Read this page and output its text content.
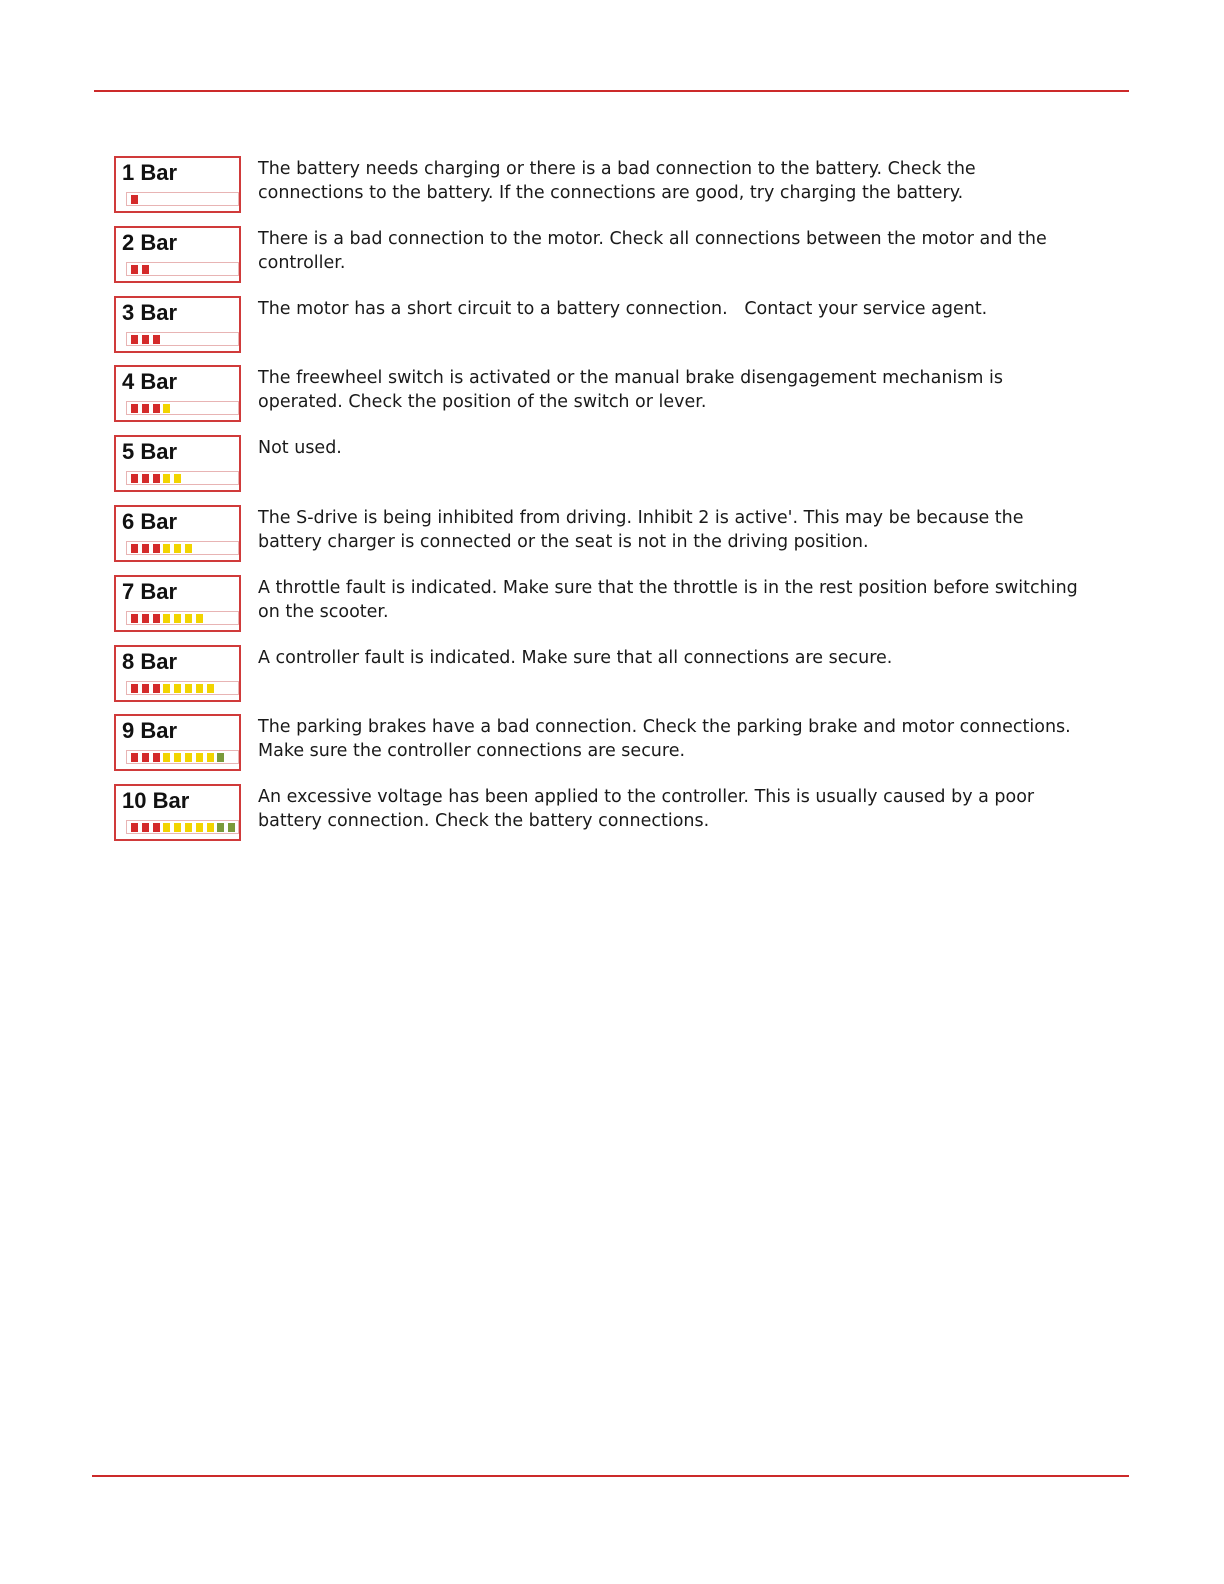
1 Bar	The battery needs charging or there is a bad connection to the battery. Check the connections to the battery. If the connections are good, try charging the battery.
2 Bar	There is a bad connection to the motor. Check all connections between the motor and the controller.
3 Bar	The motor has a short circuit to a battery connection.   Contact your service agent.
4 Bar	The freewheel switch is activated or the manual brake disengagement mechanism is operated. Check the position of the switch or lever.
5 Bar	Not used.
6 Bar	The S-drive is being inhibited from driving. Inhibit 2 is active'. This may be because the battery charger is connected or the seat is not in the driving position.
7 Bar	A throttle fault is indicated. Make sure that the throttle is in the rest position before switching on the scooter.
8 Bar	A controller fault is indicated. Make sure that all connections are secure.
9 Bar	The parking brakes have a bad connection. Check the parking brake and motor connections. Make sure the controller connections are secure.
10 Bar	An excessive voltage has been applied to the controller. This is usually caused by a poor battery connection. Check the battery connections.
